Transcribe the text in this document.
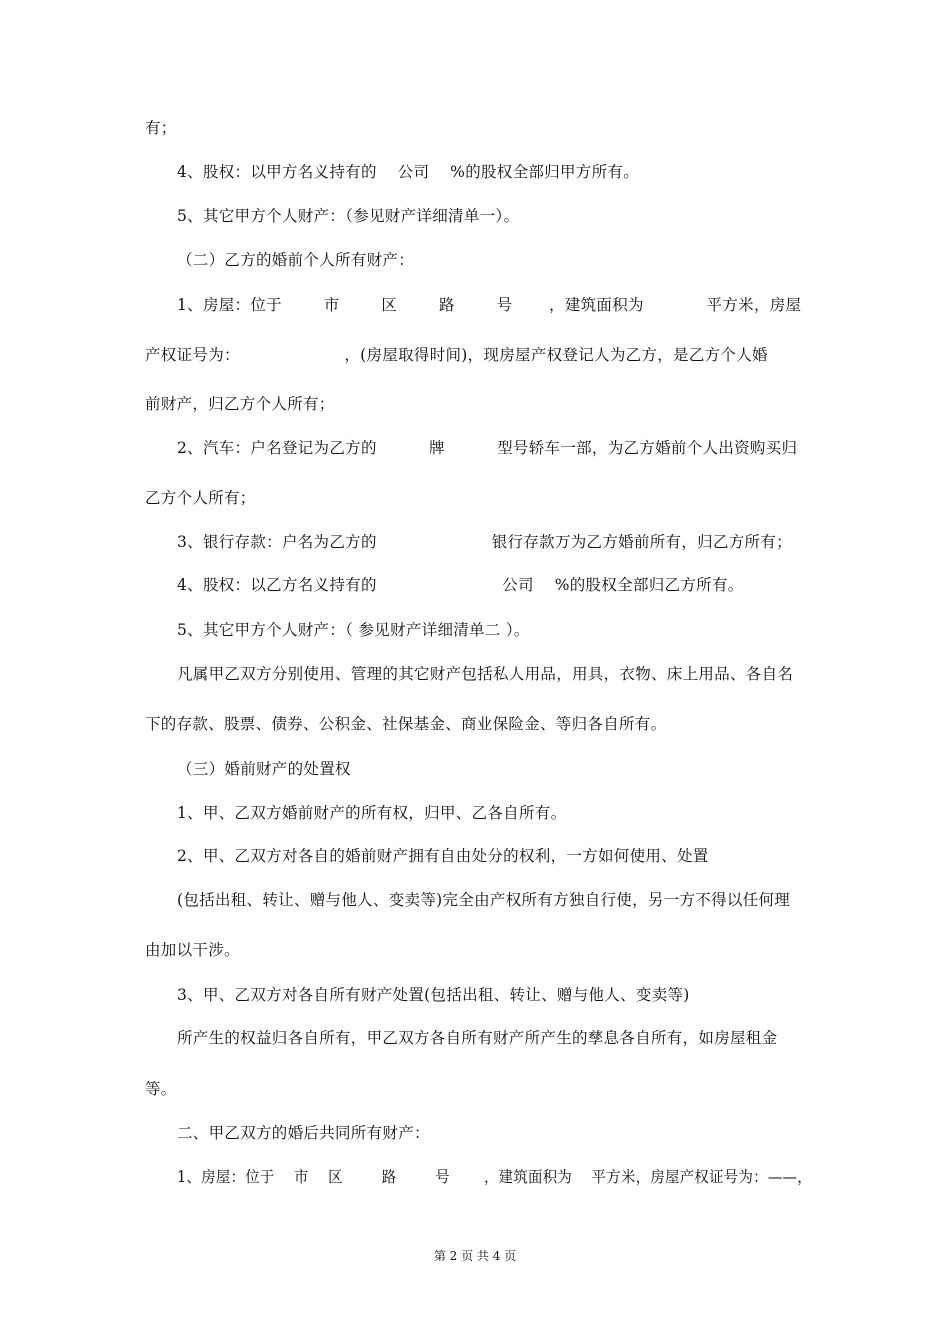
有；
4、股权：以甲方名义持有的    公司    %的股权全部归甲方所有。
5、其它甲方个人财产：（参见财产详细清单一）。
（二）乙方的婚前个人所有财产：
1、房屋：位于        市        区        路        号       ，建筑面积为            平方米，房屋
产权证号为：                    ，(房屋取得时间)，现房屋产权登记人为乙方，是乙方个人婚
前财产，归乙方个人所有；
2、汽车：户名登记为乙方的          牌          型号轿车一部，为乙方婚前个人出资购买归
乙方个人所有；
3、银行存款：户名为乙方的                      银行存款万为乙方婚前所有，归乙方所有；
4、股权：以乙方名义持有的                        公司    %的股权全部归乙方所有。
5、其它甲方个人财产：（ 参见财产详细清单二 ）。
凡属甲乙双方分别使用、管理的其它财产包括私人用品，用具，衣物、床上用品、各自名
下的存款、股票、债券、公积金、社保基金、商业保险金、等归各自所有。
（三）婚前财产的处置权
1、甲、乙双方婚前财产的所有权，归甲、乙各自所有。
2、甲、乙双方对各自的婚前财产拥有自由处分的权利，一方如何使用、处置
(包括出租、转让、赠与他人、变卖等)完全由产权所有方独自行使，另一方不得以任何理
由加以干涉。
3、甲、乙双方对各自所有财产处置(包括出租、转让、赠与他人、变卖等)
所产生的权益归各自所有，甲乙双方各自所有财产所产生的孳息各自所有，如房屋租金
等。
二、甲乙双方的婚后共同所有财产：
1、房屋：位于    市    区        路        号       ，建筑面积为    平方米，房屋产权证号为：——，
第 2 页 共 4 页
